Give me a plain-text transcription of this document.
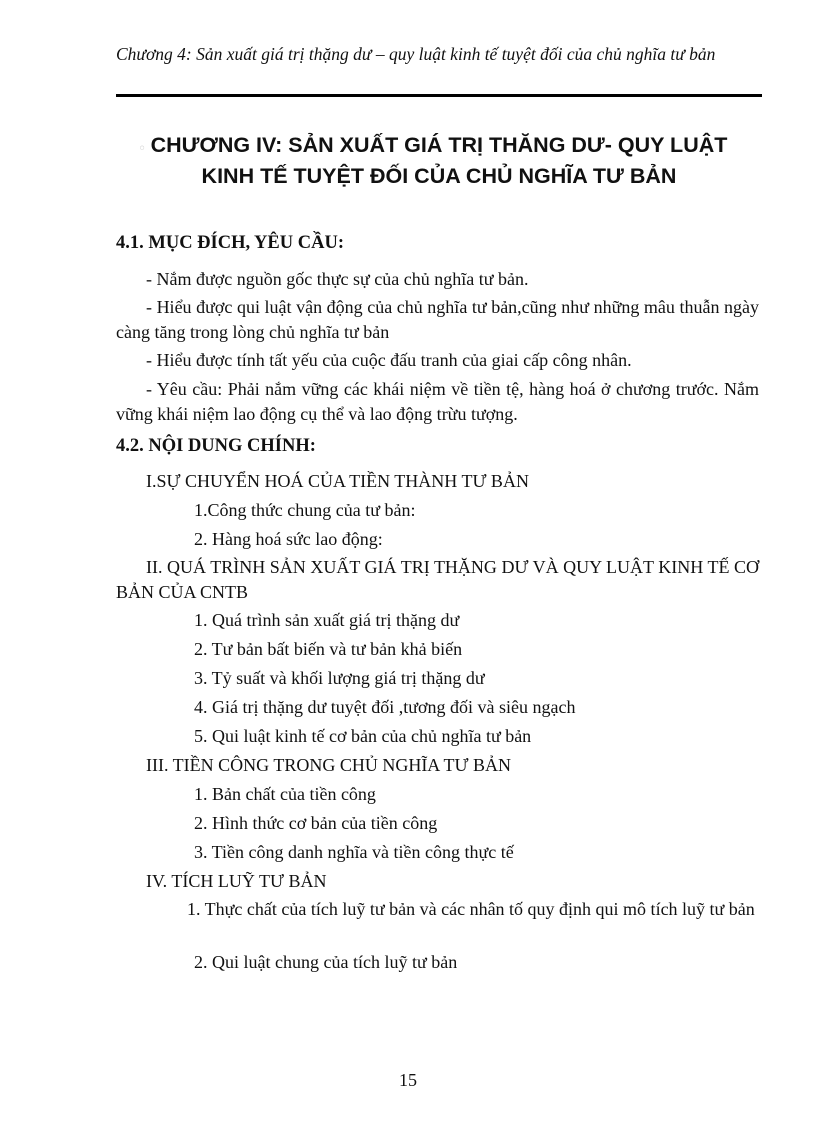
Chương 4: Sản xuất giá trị thặng dư – quy luật kinh tế tuyệt đối của chủ nghĩa tư bản
◦ CHƯƠNG IV: SẢN XUẤT GIÁ TRỊ THĂNG DƯ- QUY LUẬT
KINH TẾ TUYỆT ĐỐI CỦA CHỦ NGHĨA TƯ BẢN
4.1. MỤC ĐÍCH, YÊU CẦU:
- Nắm được nguồn gốc thực sự của chủ nghĩa tư bản.
- Hiểu được qui luật vận động của chủ nghĩa tư bản,cũng như những mâu thuẫn ngày càng tăng trong lòng chủ nghĩa tư bản
- Hiểu được tính tất yếu của cuộc đấu tranh của giai cấp công nhân.
- Yêu cầu: Phải nắm vững các khái niệm về tiền tệ, hàng hoá ở chương trước. Nắm vững khái niệm lao động cụ thể và lao động trừu tượng.
4.2. NỘI DUNG CHÍNH:
I.SỰ CHUYỂN HOÁ CỦA TIỀN THÀNH TƯ BẢN
1.Công thức chung của tư bản:
2. Hàng hoá sức lao động:
II. QUÁ TRÌNH SẢN XUẤT GIÁ TRỊ THẶNG DƯ VÀ QUY LUẬT KINH TẾ CƠ BẢN CỦA CNTB
1. Quá trình sản xuất giá trị thặng dư
2. Tư bản bất biến và tư bản khả biến
3. Tỷ suất và khối lượng giá trị thặng dư
4. Giá trị thặng dư tuyệt đối ,tương đối và siêu ngạch
5. Qui luật kinh tế cơ bản của chủ nghĩa tư bản
III. TIỀN CÔNG TRONG CHỦ NGHĨA TƯ BẢN
1. Bản chất của tiền công
2. Hình thức cơ bản của tiền công
3. Tiền công danh nghĩa và tiền công thực tế
IV. TÍCH LUỸ TƯ BẢN
1. Thực chất của tích luỹ tư bản và các nhân tố quy định qui mô tích luỹ tư bản
2. Qui luật chung của tích luỹ tư bản
15
